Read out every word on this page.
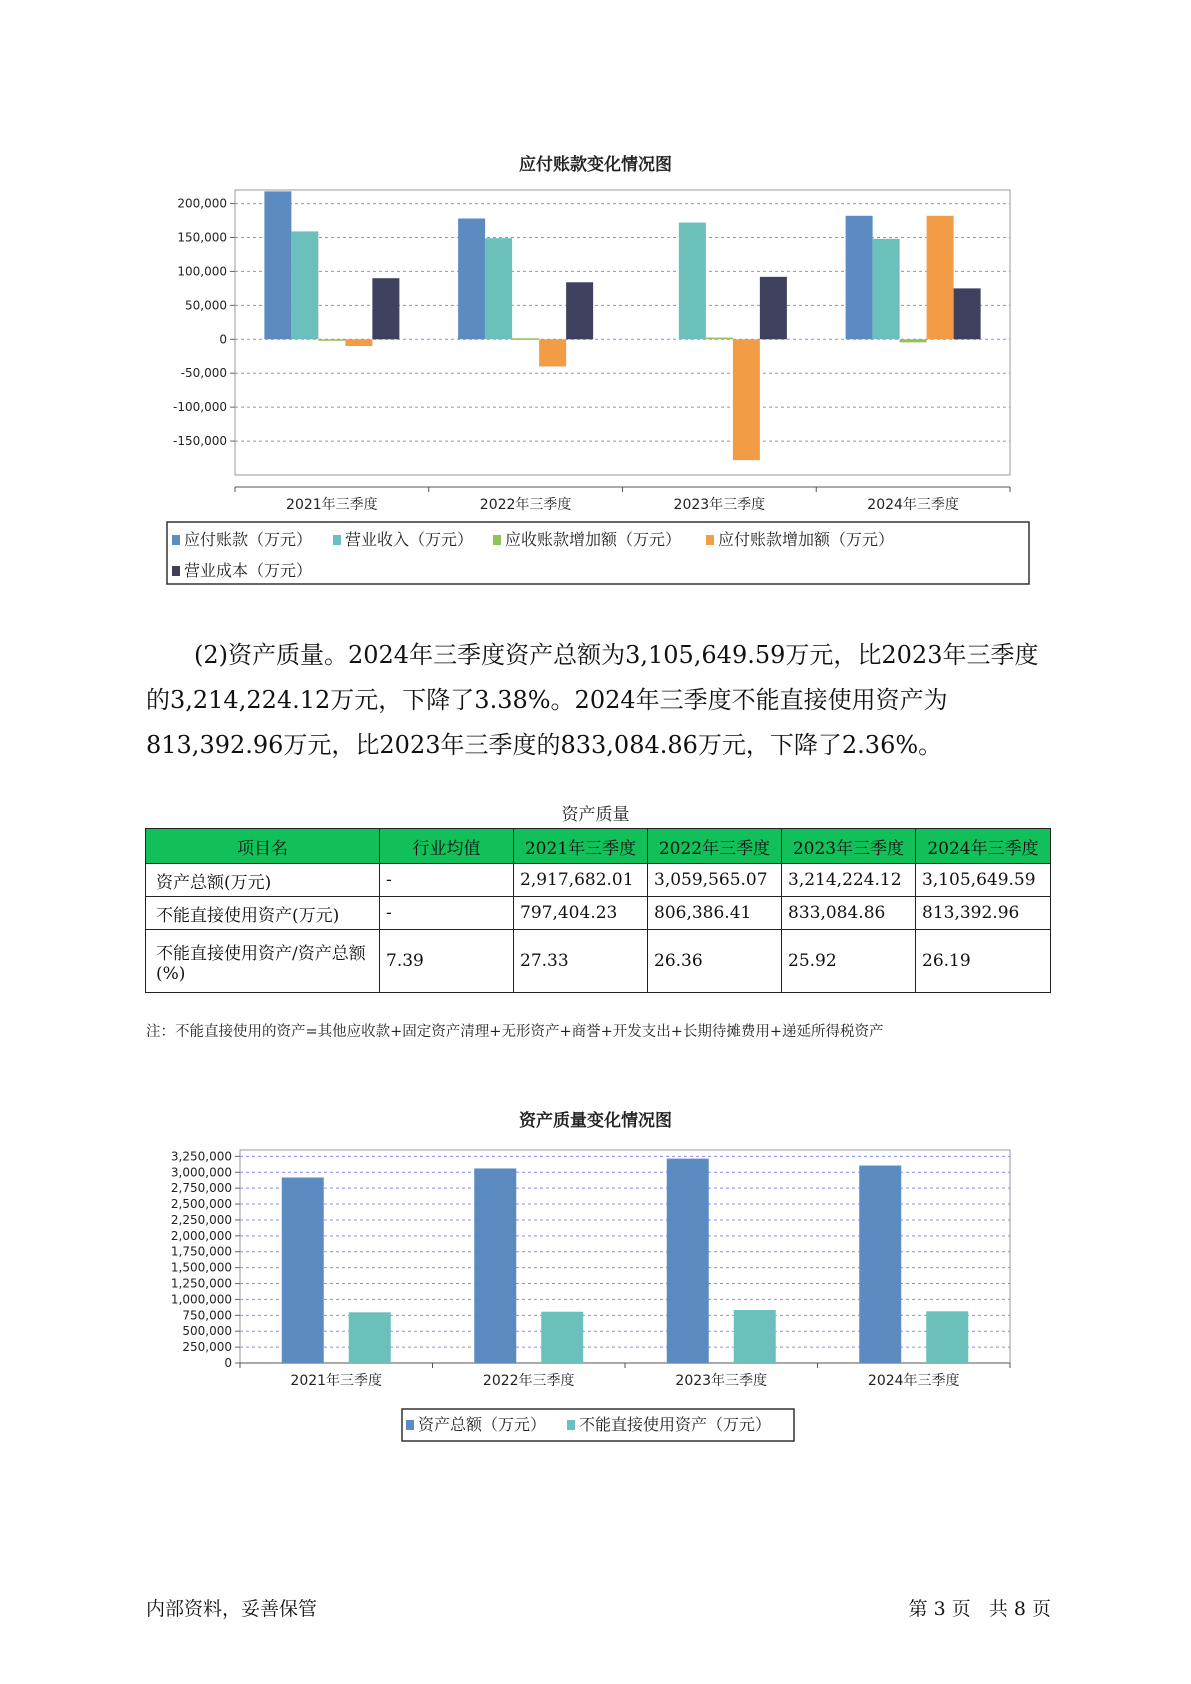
应付账款变化情况图
200,000
150,000
100,000
50,000
0
-50,000
-100,000
-150,000
2021年三季度	2022年三季度	2023年三季度	2024年三季度
应付账款（万元） 营业收入（万元） 应收账款增加额（万元） 应付账款增加额（万元）
营业成本（万元）

(2)资产质量。2024年三季度资产总额为3,105,649.59万元，比2023年三季度的3,214,224.12万元，下降了3.38%。2024年三季度不能直接使用资产为813,392.96万元，比2023年三季度的833,084.86万元，下降了2.36%。

资产质量
项目名	行业均值	2021年三季度	2022年三季度	2023年三季度	2024年三季度
资产总额(万元)	-	2,917,682.01	3,059,565.07	3,214,224.12	3,105,649.59
不能直接使用资产(万元)	-	797,404.23	806,386.41	833,084.86	813,392.96
不能直接使用资产/资产总额(%)	7.39	27.33	26.36	25.92	26.19
注：不能直接使用的资产=其他应收款+固定资产清理+无形资产+商誉+开发支出+长期待摊费用+递延所得税资产
资产质量变化情况图
3,250,000
3,000,000
2,750,000
2,500,000
2,250,000
2,000,000
1,750,000
1,500,000
1,250,000
1,000,000
750,000
500,000
250,000
0
2021年三季度	2022年三季度	2023年三季度	2024年三季度
资产总额（万元） 不能直接使用资产（万元）
内部资料，妥善保管	第 3 页   共 8 页
